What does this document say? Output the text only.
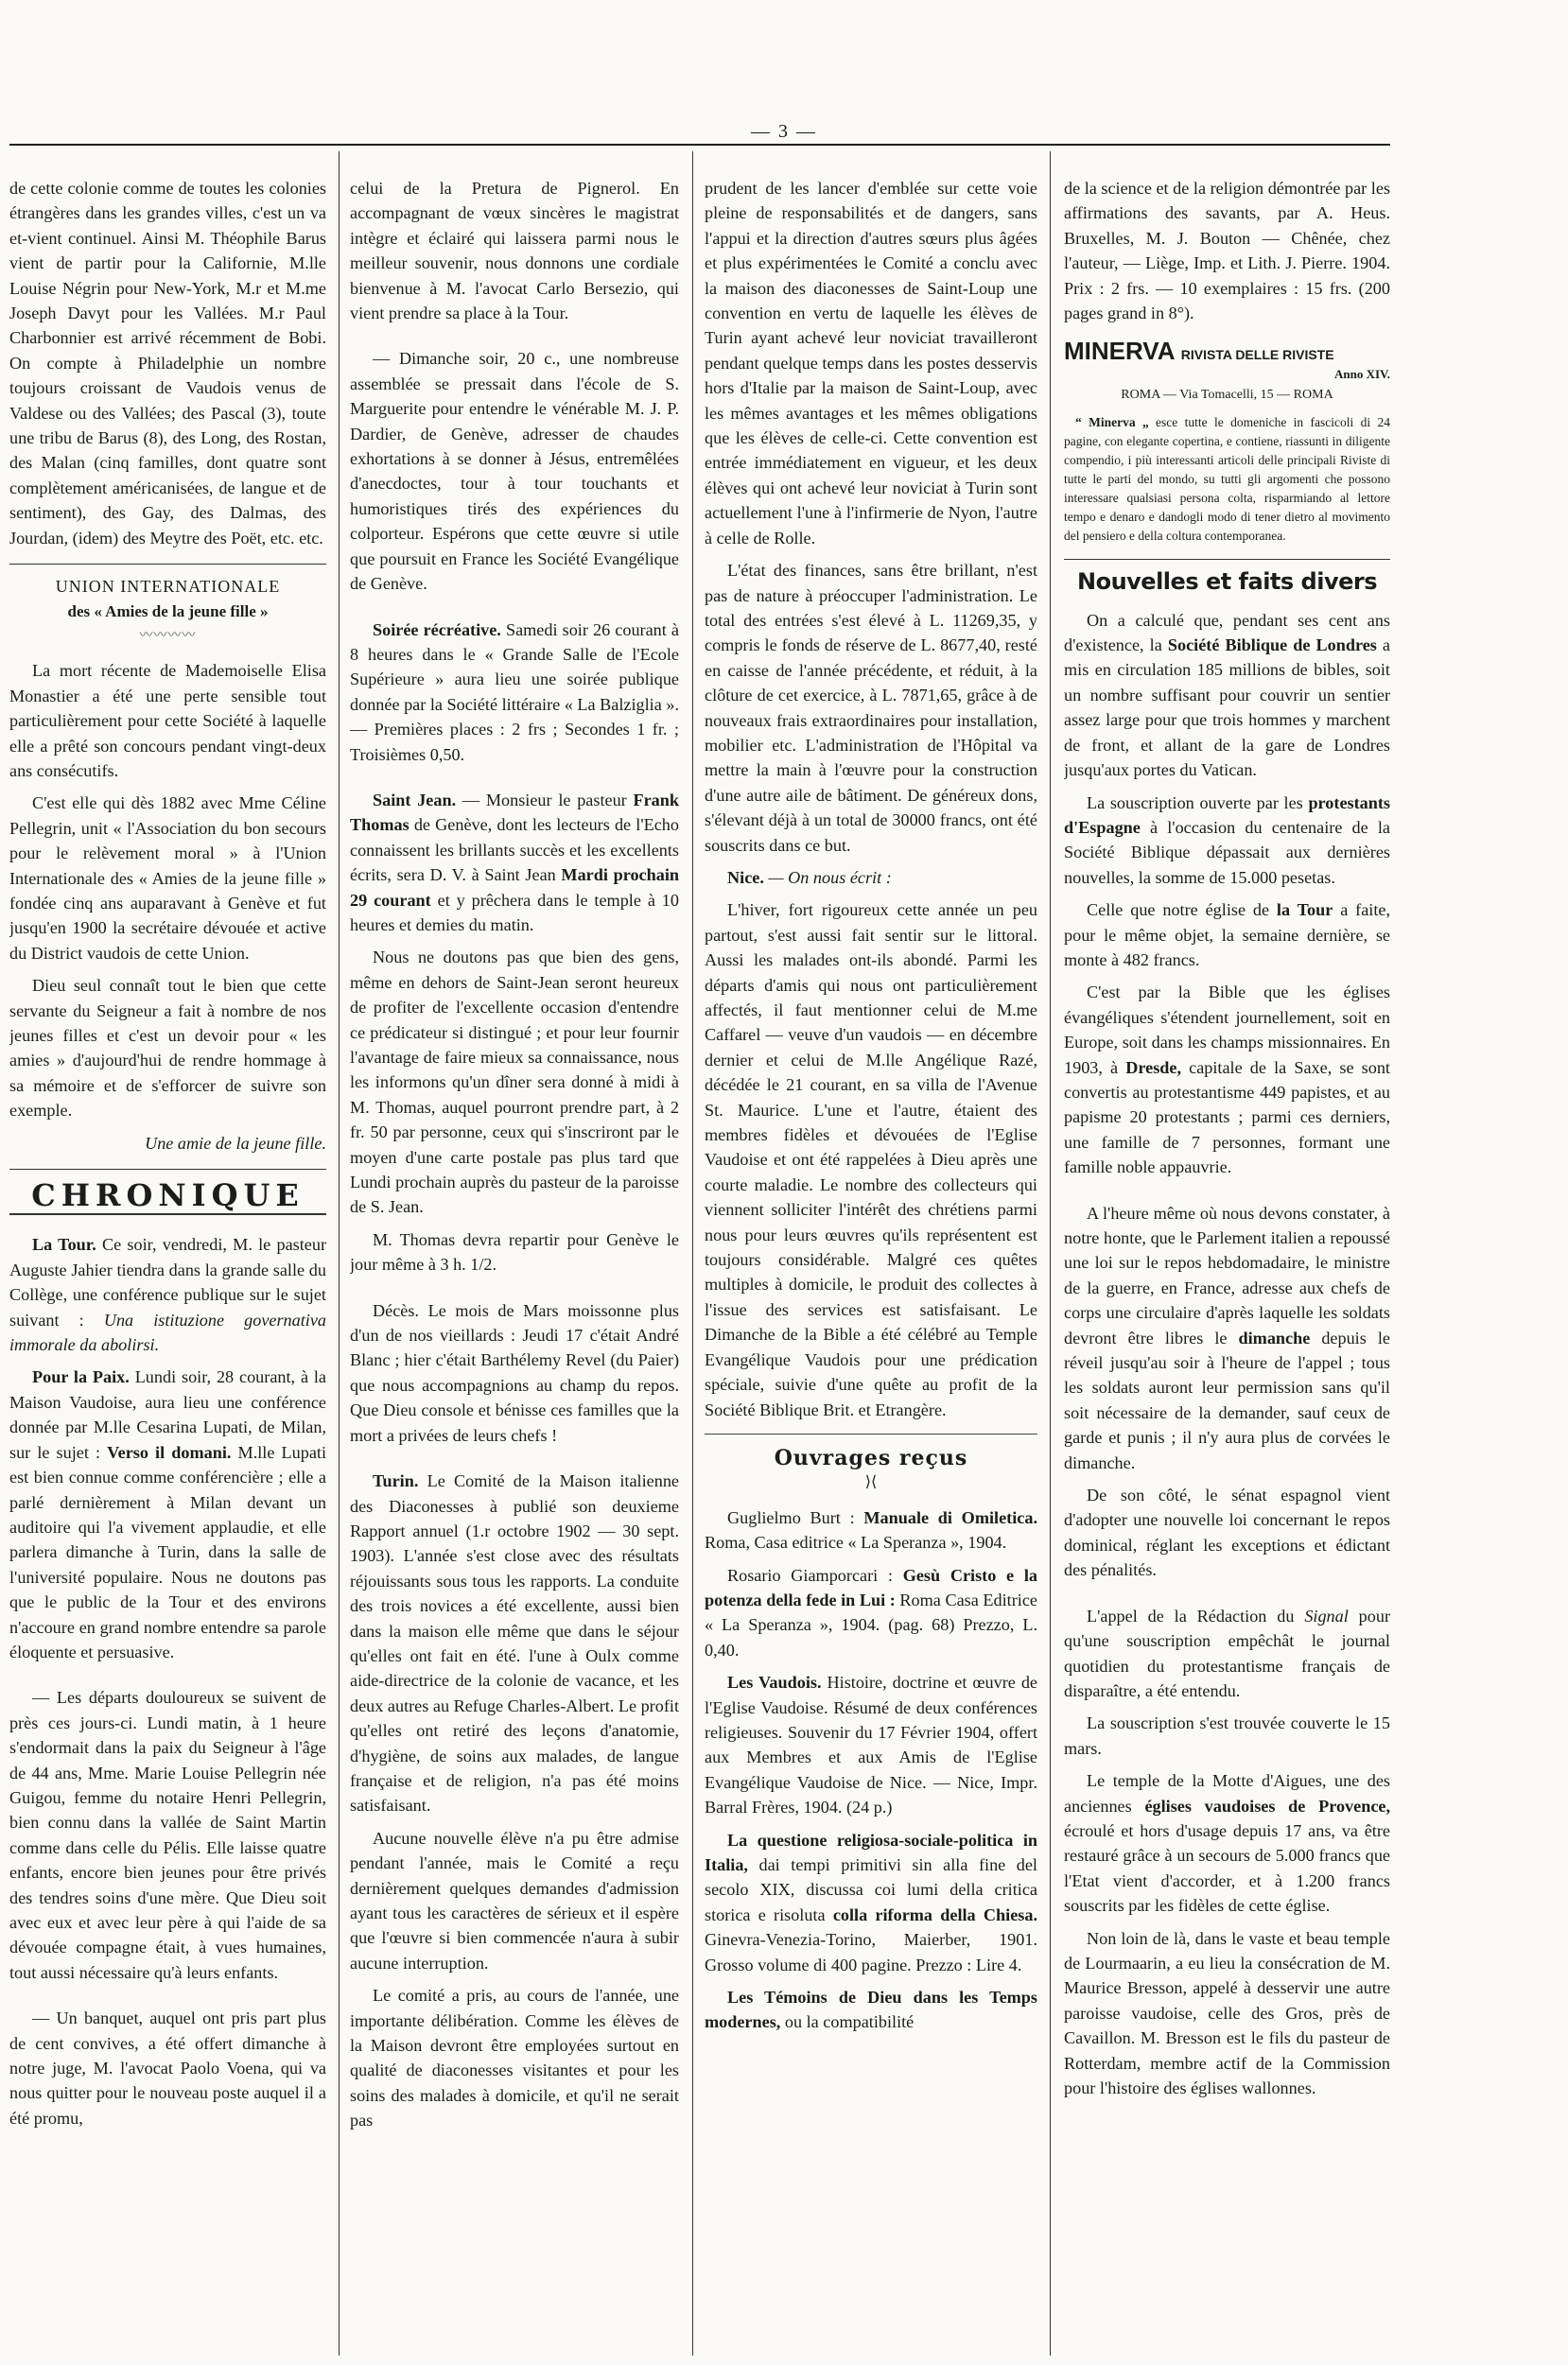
— 3 —

de cette colonie comme de toutes les colonies étrangères dans les grandes villes, c'est un va et-vient continuel. Ainsi M. Théophile Barus vient de partir pour la Californie, M.lle Louise Négrin pour New-York, M.r et M.me Joseph Davyt pour les Vallées. M.r Paul Charbonnier est arrivé récemment de Bobi. On compte à Philadelphie un nombre toujours croissant de Vaudois venus de Valdese ou des Vallées; des Pascal (3), toute une tribu de Barus (8), des Long, des Rostan, des Malan (cinq familles, dont quatre sont complètement américanisées, de langue et de sentiment), des Gay, des Dalmas, des Jourdan, (idem) des Meytre des Poët, etc. etc.

UNION INTERNATIONALE
des « Amies de la jeune fille »
〰〰〰〰

La mort récente de Mademoiselle Elisa Monastier a été une perte sensible tout particulièrement pour cette Société à laquelle elle a prêté son concours pendant vingt-deux ans consécutifs.

C'est elle qui dès 1882 avec Mme Céline Pellegrin, unit « l'Association du bon secours pour le relèvement moral » à l'Union Internationale des « Amies de la jeune fille » fondée cinq ans auparavant à Genève et fut jusqu'en 1900 la secrétaire dévouée et active du District vaudois de cette Union.

Dieu seul connaît tout le bien que cette servante du Seigneur a fait à nombre de nos jeunes filles et c'est un devoir pour « les amies » d'aujourd'hui de rendre hommage à sa mémoire et de s'efforcer de suivre son exemple.

Une amie de la jeune fille.

CHRONIQUE

La Tour. Ce soir, vendredi, M. le pasteur Auguste Jahier tiendra dans la grande salle du Collège, une conférence publique sur le sujet suivant : Una istituzione governativa immorale da abolirsi.

Pour la Paix. Lundi soir, 28 courant, à la Maison Vaudoise, aura lieu une conférence donnée par M.lle Cesarina Lupati, de Milan, sur le sujet : Verso il domani. M.lle Lupati est bien connue comme conférencière ; elle a parlé dernièrement à Milan devant un auditoire qui l'a vivement applaudie, et elle parlera dimanche à Turin, dans la salle de l'université populaire. Nous ne doutons pas que le public de la Tour et des environs n'accoure en grand nombre entendre sa parole éloquente et persuasive.

— Les départs douloureux se suivent de près ces jours-ci. Lundi matin, à 1 heure s'endormait dans la paix du Seigneur à l'âge de 44 ans, Mme. Marie Louise Pellegrin née Guigou, femme du notaire Henri Pellegrin, bien connu dans la vallée de Saint Martin comme dans celle du Pélis. Elle laisse quatre enfants, encore bien jeunes pour être privés des tendres soins d'une mère. Que Dieu soit avec eux et avec leur père à qui l'aide de sa dévouée compagne était, à vues humaines, tout aussi nécessaire qu'à leurs enfants.

— Un banquet, auquel ont pris part plus de cent convives, a été offert dimanche à notre juge, M. l'avocat Paolo Voena, qui va nous quitter pour le nouveau poste auquel il a été promu,

celui de la Pretura de Pignerol. En accompagnant de vœux sincères le magistrat intègre et éclairé qui laissera parmi nous le meilleur souvenir, nous donnons une cordiale bienvenue à M. l'avocat Carlo Berseziо, qui vient prendre sa place à la Tour.

— Dimanche soir, 20 c., une nombreuse assemblée se pressait dans l'école de S. Marguerite pour entendre le vénérable M. J. P. Dardier, de Genève, adresser de chaudes exhortations à se donner à Jésus, entremêlées d'anecdoctes, tour à tour touchants et humoristiques tirés des expériences du colporteur. Espérons que cette œuvre si utile que poursuit en France les Société Evangélique de Genève.

Soirée récréative. Samedi soir 26 courant à 8 heures dans le « Grande Salle de l'Ecole Supérieure » aura lieu une soirée publique donnée par la Société littéraire « La Balziglia ». — Premières places : 2 frs ; Secondes 1 fr. ; Troisièmes 0,50.

Saint Jean. — Monsieur le pasteur Frank Thomas de Genève, dont les lecteurs de l'Echo connaissent les brillants succès et les excellents écrits, sera D. V. à Saint Jean Mardi prochain 29 courant et y prêchera dans le temple à 10 heures et demies du matin.

Nous ne doutons pas que bien des gens, même en dehors de Saint-Jean seront heureux de profiter de l'excellente occasion d'entendre ce prédicateur si distingué ; et pour leur fournir l'avantage de faire mieux sa connaissance, nous les informons qu'un dîner sera donné à midi à M. Thomas, auquel pourront prendre part, à 2 fr. 50 par personne, ceux qui s'inscriront par le moyen d'une carte postale pas plus tard que Lundi prochain auprès du pasteur de la paroisse de S. Jean.

M. Thomas devra repartir pour Genève le jour même à 3 h. 1/2.

Décès. Le mois de Mars moissonne plus d'un de nos vieillards : Jeudi 17 c'était André Blanc ; hier c'était Barthélemy Revel (du Paier) que nous accompagnions au champ du repos. Que Dieu console et bénisse ces familles que la mort a privées de leurs chefs !

Turin. Le Comité de la Maison italienne des Diaconesses à publié son deuxieme Rapport annuel (1.r octobre 1902 — 30 sept. 1903). L'année s'est close avec des résultats réjouissants sous tous les rapports. La conduite des trois novices a été excellente, aussi bien dans la maison elle même que dans le séjour qu'elles ont fait en été. l'une à Oulx comme aide-directrice de la colonie de vacance, et les deux autres au Refuge Charles-Albert. Le profit qu'elles ont retiré des leçons d'anatomie, d'hygiène, de soins aux malades, de langue française et de religion, n'a pas été moins satisfaisant.

Aucune nouvelle élève n'a pu être admise pendant l'année, mais le Comité a reçu dernièrement quelques demandes d'admission ayant tous les caractères de sérieux et il espère que l'œuvre si bien commencée n'aura à subir aucune interruption.

Le comité a pris, au cours de l'année, une importante délibération. Comme les élèves de la Maison devront être employées surtout en qualité de diaconesses visitantes et pour les soins des malades à domicile, et qu'il ne serait pas

prudent de les lancer d'emblée sur cette voie pleine de responsabilités et de dangers, sans l'appui et la direction d'autres sœurs plus âgées et plus expérimentées le Comité a conclu avec la maison des diaconesses de Saint-Loup une convention en vertu de laquelle les élèves de Turin ayant achevé leur noviciat travailleront pendant quelque temps dans les postes desservis hors d'Italie par la maison de Saint-Loup, avec les mêmes avantages et les mêmes obligations que les élèves de celle-ci. Cette convention est entrée immédiatement en vigueur, et les deux élèves qui ont achevé leur noviciat à Turin sont actuellement l'une à l'infirmerie de Nyon, l'autre à celle de Rolle.

L'état des finances, sans être brillant, n'est pas de nature à préoccuper l'administration. Le total des entrées s'est élevé à L. 11269,35, y compris le fonds de réserve de L. 8677,40, resté en caisse de l'année précédente, et réduit, à la clôture de cet exercice, à L. 7871,65, grâce à de nouveaux frais extraordinaires pour installation, mobilier etc. L'administration de l'Hôpital va mettre la main à l'œuvre pour la construction d'une autre aile de bâtiment. De généreux dons, s'élevant déjà à un total de 30000 francs, ont été souscrits dans ce but.

Nice. — On nous écrit :

L'hiver, fort rigoureux cette année un peu partout, s'est aussi fait sentir sur le littoral. Aussi les malades ont-ils abondé. Parmi les départs d'amis qui nous ont particulièrement affectés, il faut mentionner celui de M.me Caffarel — veuve d'un vaudois — en décembre dernier et celui de M.lle Angélique Razé, décédée le 21 courant, en sa villa de l'Avenue St. Maurice. L'une et l'autre, étaient des membres fidèles et dévouées de l'Eglise Vaudoise et ont été rappelées à Dieu après une courte maladie. Le nombre des collecteurs qui viennent solliciter l'intérêt des chrétiens parmi nous pour leurs œuvres qu'ils représentent est toujours considérable. Malgré ces quêtes multiples à domicile, le produit des collectes à l'issue des services est satisfaisant. Le Dimanche de la Bible a été célébré au Temple Evangélique Vaudois pour une prédication spéciale, suivie d'une quête au profit de la Société Biblique Brit. et Etrangère.

Ouvrages reçus
⟩⟨

Guglielmo Burt : Manuale di Omiletica. Roma, Casa editrice « La Speranza », 1904.

Rosario Giamporcari : Gesù Cristo e la potenza della fede in Lui : Roma Casa Editrice « La Speranza », 1904. (pag. 68) Prezzo, L. 0,40.

Les Vaudois. Histoire, doctrine et œuvre de l'Eglise Vaudoise. Résumé de deux conférences religieuses. Souvenir du 17 Février 1904, offert aux Membres et aux Amis de l'Eglise Evangélique Vaudoise de Nice. — Nice, Impr. Barral Frères, 1904. (24 p.)

La questione religiosa-sociale-politica in Italia, dai tempi primitivi sin alla fine del secolo XIX, discussa coi lumi della critica storica e risoluta colla riforma della Chiesa. Ginevra-Venezia-Torino, Maierber, 1901. Grosso volume di 400 pagine. Prezzo : Lire 4.

Les Témoins de Dieu dans les Temps modernes, ou la compatibilité

de la science et de la religion démontrée par les affirmations des savants, par A. Heus. Bruxelles, M. J. Bouton — Chênée, chez l'auteur, — Liège, Imp. et Lith. J. Pierre. 1904. Prix : 2 frs. — 10 exemplaires : 15 frs. (200 pages grand in 8°).

MINERVA RIVISTA DELLE RIVISTE

Anno XIV.

ROMA — Via Tomacelli, 15 — ROMA

“ Minerva „ esce tutte le domeniche in fascicoli di 24 pagine, con elegante copertina, e contiene, riassunti in diligente compendio, i più interessanti articoli delle principali Riviste di tutte le parti del mondo, su tutti gli argomenti che possono interessare qualsiasi persona colta, risparmiando al lettore tempo e denaro e dandogli modo di tener dietro al movimento del pensiero e della coltura contemporanea.

Nouvelles et faits divers

On a calculé que, pendant ses cent ans d'existence, la Société Biblique de Londres a mis en circulation 185 millions de bibles, soit un nombre suffisant pour couvrir un sentier assez large pour que trois hommes y marchent de front, et allant de la gare de Londres jusqu'aux portes du Vatican.

La souscription ouverte par les protestants d'Espagne à l'occasion du centenaire de la Société Biblique dépassait aux dernières nouvelles, la somme de 15.000 pesetas.

Celle que notre église de la Tour a faite, pour le même objet, la semaine dernière, se monte à 482 francs.

C'est par la Bible que les églises évangéliques s'étendent journellement, soit en Europe, soit dans les champs missionnaires. En 1903, à Dresde, capitale de la Saxe, se sont convertis au protestantisme 449 papistes, et au papisme 20 protestants ; parmi ces derniers, une famille de 7 personnes, formant une famille noble appauvrie.

A l'heure même où nous devons constater, à notre honte, que le Parlement italien a repoussé une loi sur le repos hebdomadaire, le ministre de la guerre, en France, adresse aux chefs de corps une circulaire d'après laquelle les soldats devront être libres le dimanche depuis le réveil jusqu'au soir à l'heure de l'appel ; tous les soldats auront leur permission sans qu'il soit nécessaire de la demander, sauf ceux de garde et punis ; il n'y aura plus de corvées le dimanche.

De son côté, le sénat espagnol vient d'adopter une nouvelle loi concernant le repos dominical, réglant les exceptions et édictant des pénalités.

L'appel de la Rédaction du Signal pour qu'une souscription empêchât le journal quotidien du protestantisme français de disparaître, a été entendu.

La souscription s'est trouvée couverte le 15 mars.

Le temple de la Motte d'Aigues, une des anciennes églises vaudoises de Provence, écroulé et hors d'usage depuis 17 ans, va être restauré grâce à un secours de 5.000 francs que l'Etat vient d'accorder, et à 1.200 francs souscrits par les fidèles de cette église.

Non loin de là, dans le vaste et beau temple de Lourmaarin, a eu lieu la consécration de M. Maurice Bresson, appelé à desservir une autre paroisse vaudoise, celle des Gros, près de Cavaillon. M. Bresson est le fils du pasteur de Rotterdam, membre actif de la Commission pour l'histoire des églises wallonnes.
